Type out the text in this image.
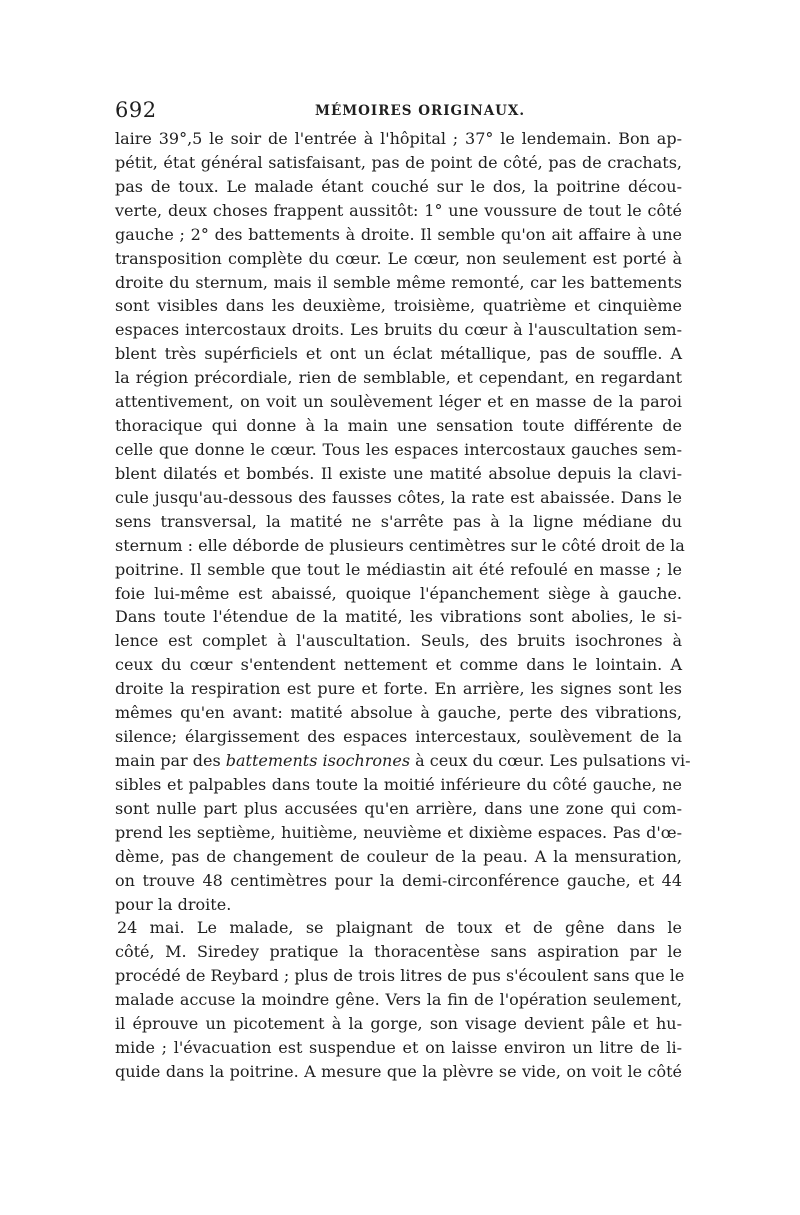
692	MÉMOIRES ORIGINAUX.
laire 39°,5 le soir de l'entrée à l'hôpital ; 37° le lendemain. Bon ap-
pétit, état général satisfaisant, pas de point de côté, pas de crachats,
pas de toux. Le malade étant couché sur le dos, la poitrine décou-
verte, deux choses frappent aussitôt: 1° une voussure de tout le côté
gauche ; 2° des battements à droite. Il semble qu'on ait affaire à une
transposition complète du cœur. Le cœur, non seulement est porté à
droite du sternum, mais il semble même remonté, car les battements
sont visibles dans les deuxième, troisième, quatrième et cinquième
espaces intercostaux droits. Les bruits du cœur à l'auscultation sem-
blent très supérficiels et ont un éclat métallique, pas de souffle. A
la région précordiale, rien de semblable, et cependant, en regardant
attentivement, on voit un soulèvement léger et en masse de la paroi
thoracique qui donne à la main une sensation toute différente de
celle que donne le cœur. Tous les espaces intercostaux gauches sem-
blent dilatés et bombés. Il existe une matité absolue depuis la clavi-
cule jusqu'au-dessous des fausses côtes, la rate est abaissée. Dans le
sens transversal, la matité ne s'arrête pas à la ligne médiane du
sternum : elle déborde de plusieurs centimètres sur le côté droit de la
poitrine. Il semble que tout le médiastin ait été refoulé en masse ; le
foie lui-même est abaissé, quoique l'épanchement siège à gauche.
Dans toute l'étendue de la matité, les vibrations sont abolies, le si-
lence est complet à l'auscultation. Seuls, des bruits isochrones à
ceux du cœur s'entendent nettement et comme dans le lointain. A
droite la respiration est pure et forte. En arrière, les signes sont les
mêmes qu'en avant: matité absolue à gauche, perte des vibrations,
silence; élargissement des espaces intercestaux, soulèvement de la
main par des battements isochrones à ceux du cœur. Les pulsations vi-
sibles et palpables dans toute la moitié inférieure du côté gauche, ne
sont nulle part plus accusées qu'en arrière, dans une zone qui com-
prend les septième, huitième, neuvième et dixième espaces. Pas d'œ-
dème, pas de changement de couleur de la peau. A la mensuration,
on trouve 48 centimètres pour la demi-circonférence gauche, et 44
pour la droite.
24 mai. Le malade, se plaignant de toux et de gêne dans le
côté, M. Siredey pratique la thoracentèse sans aspiration par le
procédé de Reybard ; plus de trois litres de pus s'écoulent sans que le
malade accuse la moindre gêne. Vers la fin de l'opération seulement,
il éprouve un picotement à la gorge, son visage devient pâle et hu-
mide ; l'évacuation est suspendue et on laisse environ un litre de li-
quide dans la poitrine. A mesure que la plèvre se vide, on voit le côté
